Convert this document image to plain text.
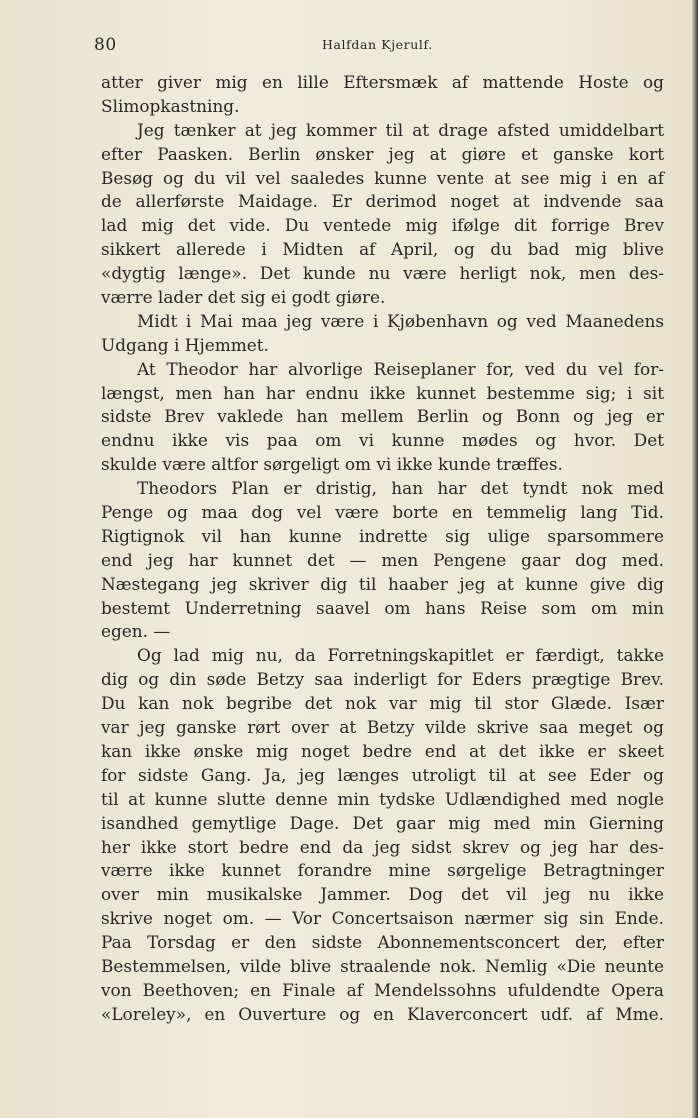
80	Halfdan Kjerulf.
atter giver mig en lille Eftersmæk af mattende Hoste og
Slimopkastning.
Jeg tænker at jeg kommer til at drage afsted umiddelbart
efter Paasken. Berlin ønsker jeg at giøre et ganske kort
Besøg og du vil vel saaledes kunne vente at see mig i en af
de allerførste Maidage. Er derimod noget at indvende saa
lad mig det vide. Du ventede mig ifølge dit forrige Brev
sikkert allerede i Midten af April, og du bad mig blive
«dygtig længe». Det kunde nu være herligt nok, men des-
værre lader det sig ei godt giøre.
Midt i Mai maa jeg være i Kjøbenhavn og ved Maanedens
Udgang i Hjemmet.
At Theodor har alvorlige Reiseplaner for, ved du vel for-
længst, men han har endnu ikke kunnet bestemme sig; i sit
sidste Brev vaklede han mellem Berlin og Bonn og jeg er
endnu ikke vis paa om vi kunne mødes og hvor. Det
skulde være altfor sørgeligt om vi ikke kunde træffes.
Theodors Plan er dristig, han har det tyndt nok med
Penge og maa dog vel være borte en temmelig lang Tid.
Rigtignok vil han kunne indrette sig ulige sparsommere
end jeg har kunnet det — men Pengene gaar dog med.
Næstegang jeg skriver dig til haaber jeg at kunne give dig
bestemt Underretning saavel om hans Reise som om min
egen. —
Og lad mig nu, da Forretningskapitlet er færdigt, takke
dig og din søde Betzy saa inderligt for Eders prægtige Brev.
Du kan nok begribe det nok var mig til stor Glæde. Især
var jeg ganske rørt over at Betzy vilde skrive saa meget og
kan ikke ønske mig noget bedre end at det ikke er skeet
for sidste Gang. Ja, jeg længes utroligt til at see Eder og
til at kunne slutte denne min tydske Udlændighed med nogle
isandhed gemytlige Dage. Det gaar mig med min Gierning
her ikke stort bedre end da jeg sidst skrev og jeg har des-
værre ikke kunnet forandre mine sørgelige Betragtninger
over min musikalske Jammer. Dog det vil jeg nu ikke
skrive noget om. — Vor Concertsaison nærmer sig sin Ende.
Paa Torsdag er den sidste Abonnementsconcert der, efter
Bestemmelsen, vilde blive straalende nok. Nemlig «Die neunte
von Beethoven; en Finale af Mendelssohns ufuldendte Opera
«Loreley», en Ouverture og en Klaverconcert udf. af Mme.
